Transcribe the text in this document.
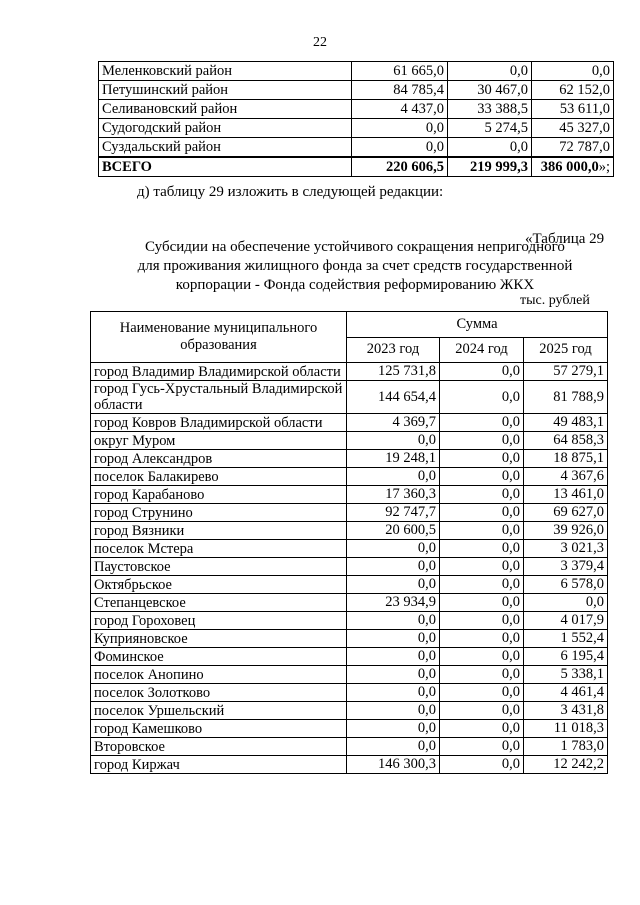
22
Меленковский район	61 665,0	0,0	0,0
Петушинский район	84 785,4	30 467,0	62 152,0
Селивановский район	4 437,0	33 388,5	53 611,0
Судогодский район	0,0	5 274,5	45 327,0
Суздальский район	0,0	0,0	72 787,0
ВСЕГО	220 606,5	219 999,3	386 000,0»;
д) таблицу 29 изложить в следующей редакции:
«Таблица 29
Субсидии на обеспечение устойчивого сокращения непригодного
для проживания жилищного фонда за счет средств государственной
корпорации - Фонда содействия реформированию ЖКХ
тыс. рублей
Наименование муниципального образования	Сумма		
	2023 год	2024 год	2025 год
город Владимир Владимирской области	125 731,8	0,0	57 279,1
город Гусь-Хрустальный Владимирской области	144 654,4	0,0	81 788,9
город Ковров Владимирской области	4 369,7	0,0	49 483,1
округ Муром	0,0	0,0	64 858,3
город Александров	19 248,1	0,0	18 875,1
поселок Балакирево	0,0	0,0	4 367,6
город Карабаново	17 360,3	0,0	13 461,0
город Струнино	92 747,7	0,0	69 627,0
город Вязники	20 600,5	0,0	39 926,0
поселок Мстера	0,0	0,0	3 021,3
Паустовское	0,0	0,0	3 379,4
Октябрьское	0,0	0,0	6 578,0
Степанцевское	23 934,9	0,0	0,0
город Гороховец	0,0	0,0	4 017,9
Куприяновское	0,0	0,0	1 552,4
Фоминское	0,0	0,0	6 195,4
поселок Анопино	0,0	0,0	5 338,1
поселок Золотково	0,0	0,0	4 461,4
поселок Уршельский	0,0	0,0	3 431,8
город Камешково	0,0	0,0	11 018,3
Второвское	0,0	0,0	1 783,0
город Киржач	146 300,3	0,0	12 242,2
